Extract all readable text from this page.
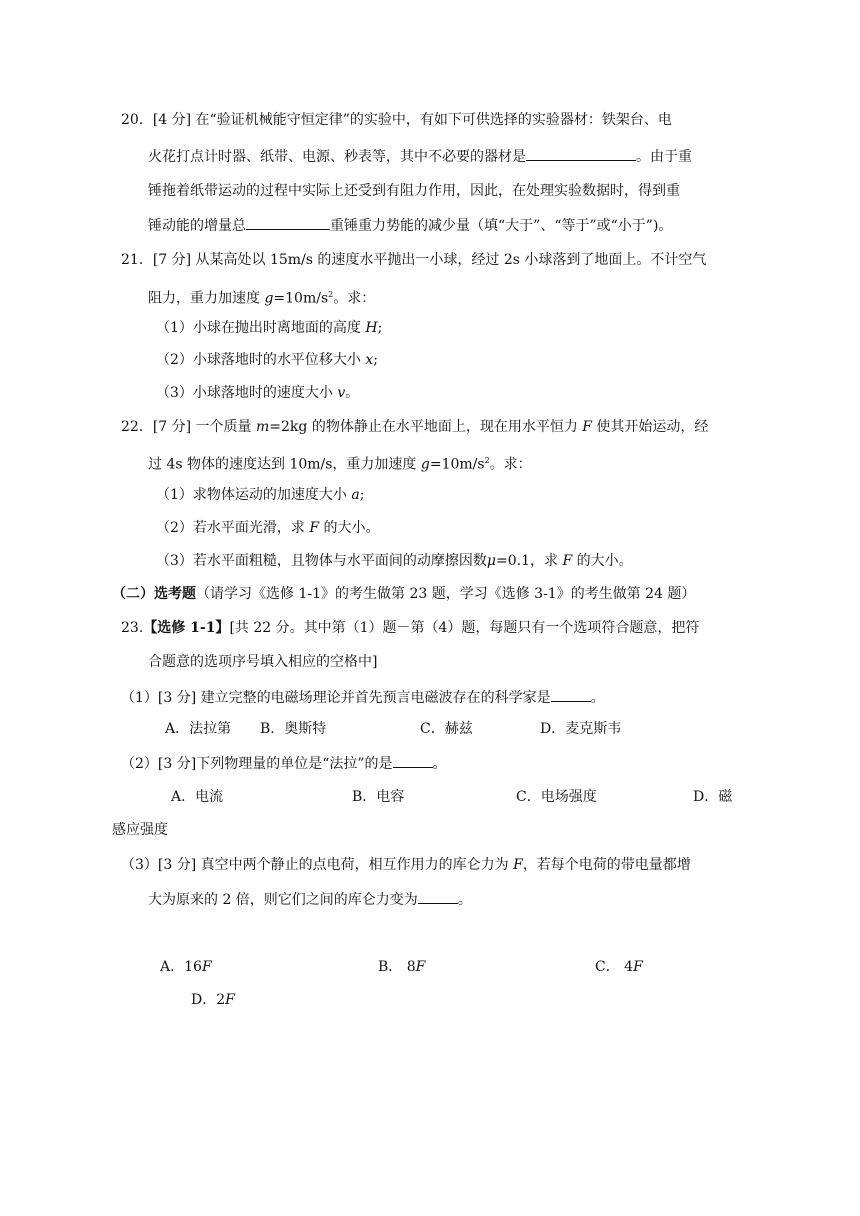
20．[4 分] 在“验证机械能守恒定律”的实验中，有如下可供选择的实验器材：铁架台、电
火花打点计时器、纸带、电源、秒表等，其中不必要的器材是	。由于重
锤拖着纸带运动的过程中实际上还受到有阻力作用，因此，在处理实验数据时，得到重
锤动能的增量总	重锤重力势能的减少量（填“大于”、“等于”或“小于”)。
21．[7 分] 从某高处以 15m/s 的速度水平抛出一小球，经过 2s 小球落到了地面上。不计空气
阻力，重力加速度 $g=10m/s^2$。求：
（1）小球在抛出时离地面的高度 H;
（2）小球落地时的水平位移大小 x;
（3）小球落地时的速度大小 v。
22．[7 分] 一个质量 m=2kg 的物体静止在水平地面上，现在用水平恒力 F 使其开始运动，经
过 4s 物体的速度达到 10m/s，重力加速度 $g=10m/s^2$。求：
（1）求物体运动的加速度大小 a;
（2）若水平面光滑，求 F 的大小。
（3）若水平面粗糙，且物体与水平面间的动摩擦因数μ=0.1，求 F 的大小。
（二）选考题（请学习《选修 1-1》的考生做第 23 题，学习《选修 3-1》的考生做第 24 题）
23.【选修 1-1】[共 22 分。其中第（1）题－第（4）题，每题只有一个选项符合题意，把符
合题意的选项序号填入相应的空格中]
（1）[3 分] 建立完整的电磁场理论并首先预言电磁波存在的科学家是	。
A．法拉第 B．奥斯特	C．赫兹	D．麦克斯韦
（2）[3 分]下列物理量的单位是“法拉”的是	。
A．电流	B．电容	C．电场强度	D．磁
感应强度
（3）[3 分] 真空中两个静止的点电荷，相互作用力的库仑力为 F，若每个电荷的带电量都增
大为原来的 2 倍，则它们之间的库仑力变为	。
A．16F	B． 8F	C． 4F
D．2F
